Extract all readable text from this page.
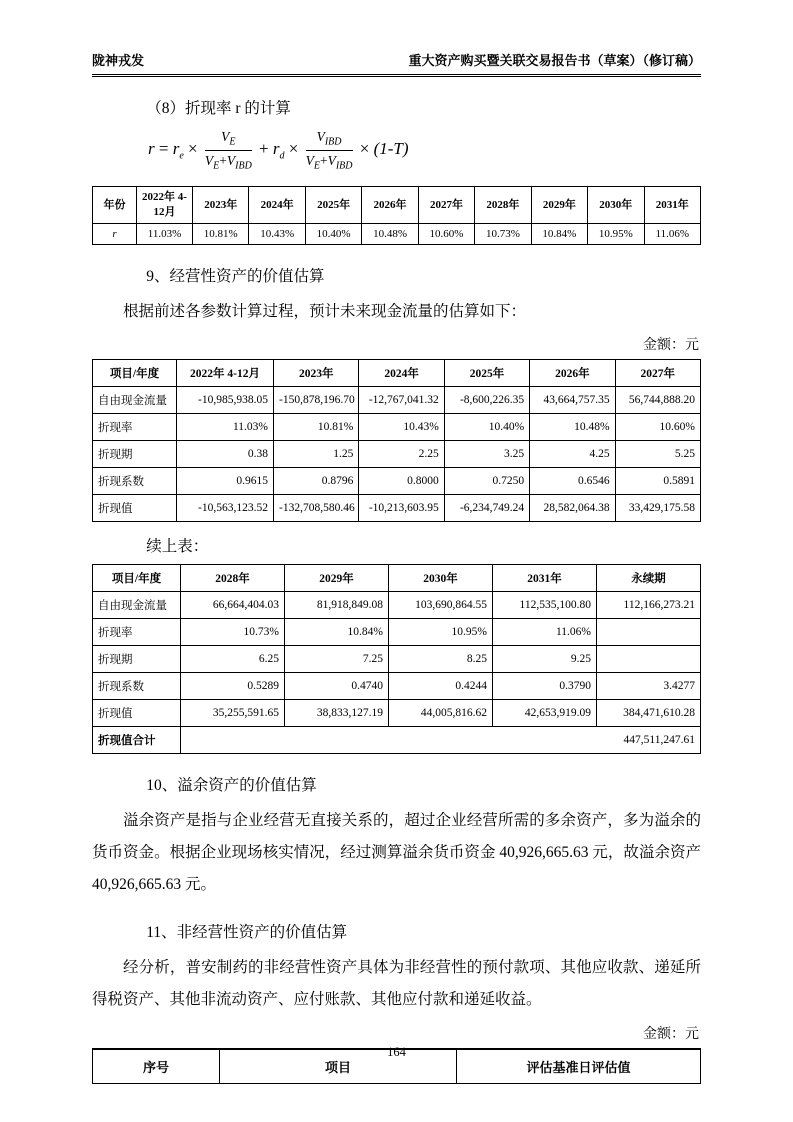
陇神戎发	重大资产购买暨关联交易报告书（草案）（修订稿）
（8）折现率 r 的计算
$r = r_e \times \frac{V_E}{V_E+V_{IBD}} + r_d \times \frac{V_{IBD}}{V_E+V_{IBD}} \times (1-T)$
年份	2022年 4-12月	2023年	2024年	2025年	2026年	2027年	2028年	2029年	2030年	2031年
r	11.03%	10.81%	10.43%	10.40%	10.48%	10.60%	10.73%	10.84%	10.95%	11.06%
9、经营性资产的价值估算

根据前述各参数计算过程，预计未来现金流量的估算如下：

金额：元
项目/年度	2022年 4-12月	2023年	2024年	2025年	2026年	2027年
自由现金流量	-10,985,938.05	-150,878,196.70	-12,767,041.32	-8,600,226.35	43,664,757.35	56,744,888.20
折现率	11.03%	10.81%	10.43%	10.40%	10.48%	10.60%
折现期	0.38	1.25	2.25	3.25	4.25	5.25
折现系数	0.9615	0.8796	0.8000	0.7250	0.6546	0.5891
折现值	-10,563,123.52	-132,708,580.46	-10,213,603.95	-6,234,749.24	28,582,064.38	33,429,175.58

续上表：

项目/年度	2028年	2029年	2030年	2031年	永续期
自由现金流量	66,664,404.03	81,918,849.08	103,690,864.55	112,535,100.80	112,166,273.21
折现率	10.73%	10.84%	10.95%	11.06%	
折现期	6.25	7.25	8.25	9.25	
折现系数	0.5289	0.4740	0.4244	0.3790	3.4277
折现值	35,255,591.65	38,833,127.19	44,005,816.62	42,653,919.09	384,471,610.28
折现值合计	447,511,247.61				
10、溢余资产的价值估算

溢余资产是指与企业经营无直接关系的，超过企业经营所需的多余资产，多为溢余的货币资金。根据企业现场核实情况，经过测算溢余货币资金 40,926,665.63 元，故溢余资产 40,926,665.63 元。

11、非经营性资产的价值估算

经分析，普安制药的非经营性资产具体为非经营性的预付款项、其他应收款、递延所得税资产、其他非流动资产、应付账款、其他应付款和递延收益。

金额：元
序号	项目	评估基准日评估值
164
